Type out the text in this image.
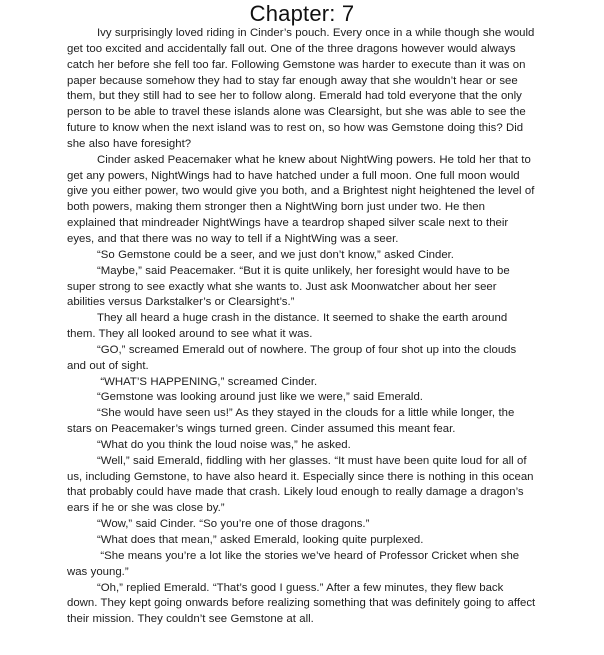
Chapter: 7

Ivy surprisingly loved riding in Cinder’s pouch. Every once in a while though she would get too excited and accidentally fall out. One of the three dragons however would always catch her before she fell too far. Following Gemstone was harder to execute than it was on paper because somehow they had to stay far enough away that she wouldn’t hear or see them, but they still had to see her to follow along. Emerald had told everyone that the only person to be able to travel these islands alone was Clearsight, but she was able to see the future to know when the next island was to rest on, so how was Gemstone doing this? Did she also have foresight?

Cinder asked Peacemaker what he knew about NightWing powers. He told her that to get any powers, NightWings had to have hatched under a full moon. One full moon would give you either power, two would give you both, and a Brightest night heightened the level of both powers, making them stronger then a NightWing born just under two. He then explained that mindreader NightWings have a teardrop shaped silver scale next to their eyes, and that there was no way to tell if a NightWing was a seer.

“So Gemstone could be a seer, and we just don’t know,” asked Cinder.

“Maybe,” said Peacemaker. “But it is quite unlikely, her foresight would have to be super strong to see exactly what she wants to. Just ask Moonwatcher about her seer abilities versus Darkstalker’s or Clearsight’s.”

They all heard a huge crash in the distance. It seemed to shake the earth around them. They all looked around to see what it was.

“GO,” screamed Emerald out of nowhere. The group of four shot up into the clouds and out of sight.

“WHAT’S HAPPENING,” screamed Cinder.

“Gemstone was looking around just like we were,” said Emerald.

“She would have seen us!” As they stayed in the clouds for a little while longer, the stars on Peacemaker’s wings turned green. Cinder assumed this meant fear.

“What do you think the loud noise was,” he asked.

“Well,” said Emerald, fiddling with her glasses. “It must have been quite loud for all of us, including Gemstone, to have also heard it. Especially since there is nothing in this ocean that probably could have made that crash. Likely loud enough to really damage a dragon’s ears if he or she was close by.”

“Wow,” said Cinder. “So you’re one of those dragons.”

“What does that mean,” asked Emerald, looking quite purplexed.

“She means you’re a lot like the stories we’ve heard of Professor Cricket when she was young.”

“Oh,” replied Emerald. “That’s good I guess.” After a few minutes, they flew back down. They kept going onwards before realizing something that was definitely going to affect their mission. They couldn’t see Gemstone at all.
